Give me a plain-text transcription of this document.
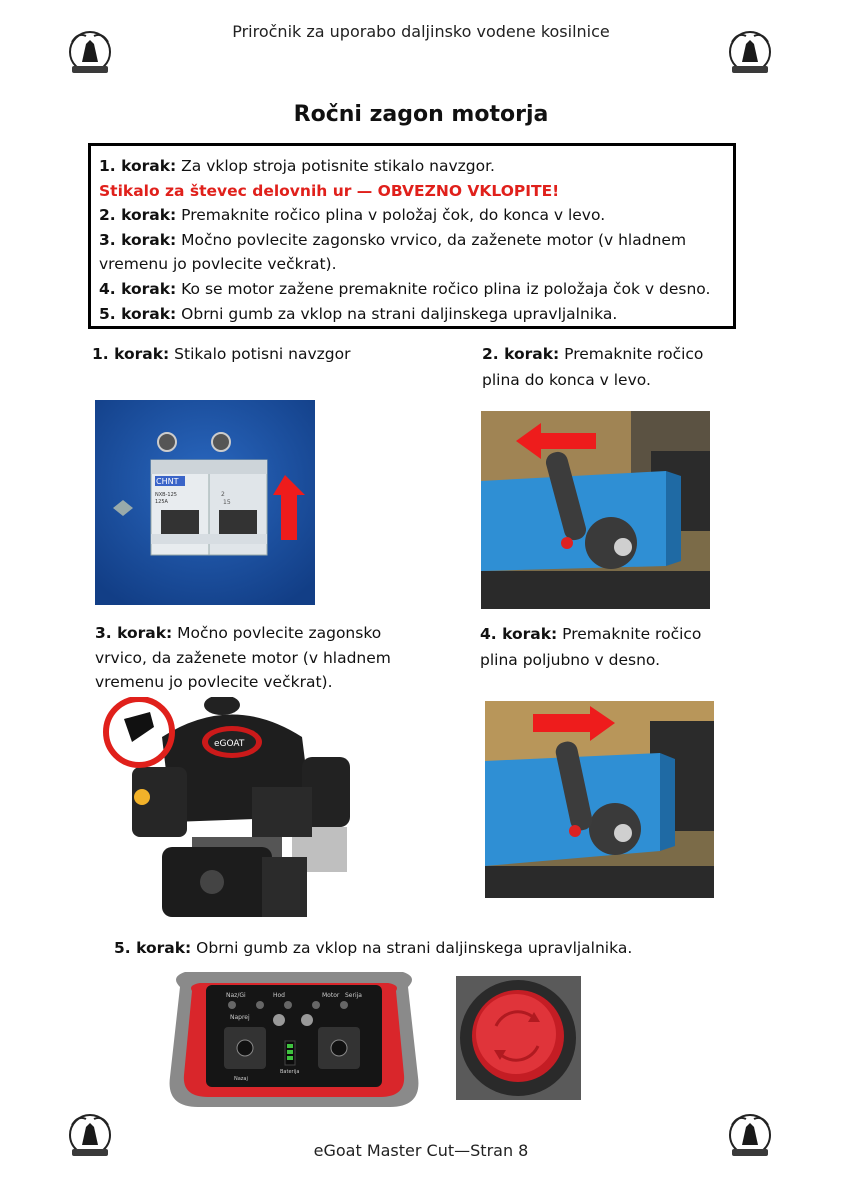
Priročnik za uporabo daljinsko vodene kosilnice
Ročni zagon motorja
1. korak: Za vklop stroja potisnite stikalo navzgor.
Stikalo za števec delovnih ur — OBVEZNO VKLOPITE!
2. korak: Premaknite ročico plina v položaj čok, do konca v levo.
3. korak: Močno povlecite zagonsko vrvico, da zaženete motor (v hladnem vremenu jo povlecite večkrat).
4. korak: Ko se motor zažene premaknite ročico plina iz položaja čok v desno.
5. korak: Obrni gumb za vklop na strani daljinskega upravljalnika.
1. korak: Stikalo potisni navzgor
CHNT
NXB-125
125A
2
15
2. korak: Premaknite ročico plina do konca v levo.
3. korak: Močno povlecite zagonsko vrvico, da zaženete motor (v hladnem vremenu jo povlecite večkrat).
eGOAT
4. korak: Premaknite ročico plina poljubno v desno.
5. korak: Obrni gumb za vklop na strani daljinskega upravljalnika.
Naz/Gi	Hod	Motor Serija
Naprej
Baterija
Nazaj
eGoat Master Cut—Stran 8
